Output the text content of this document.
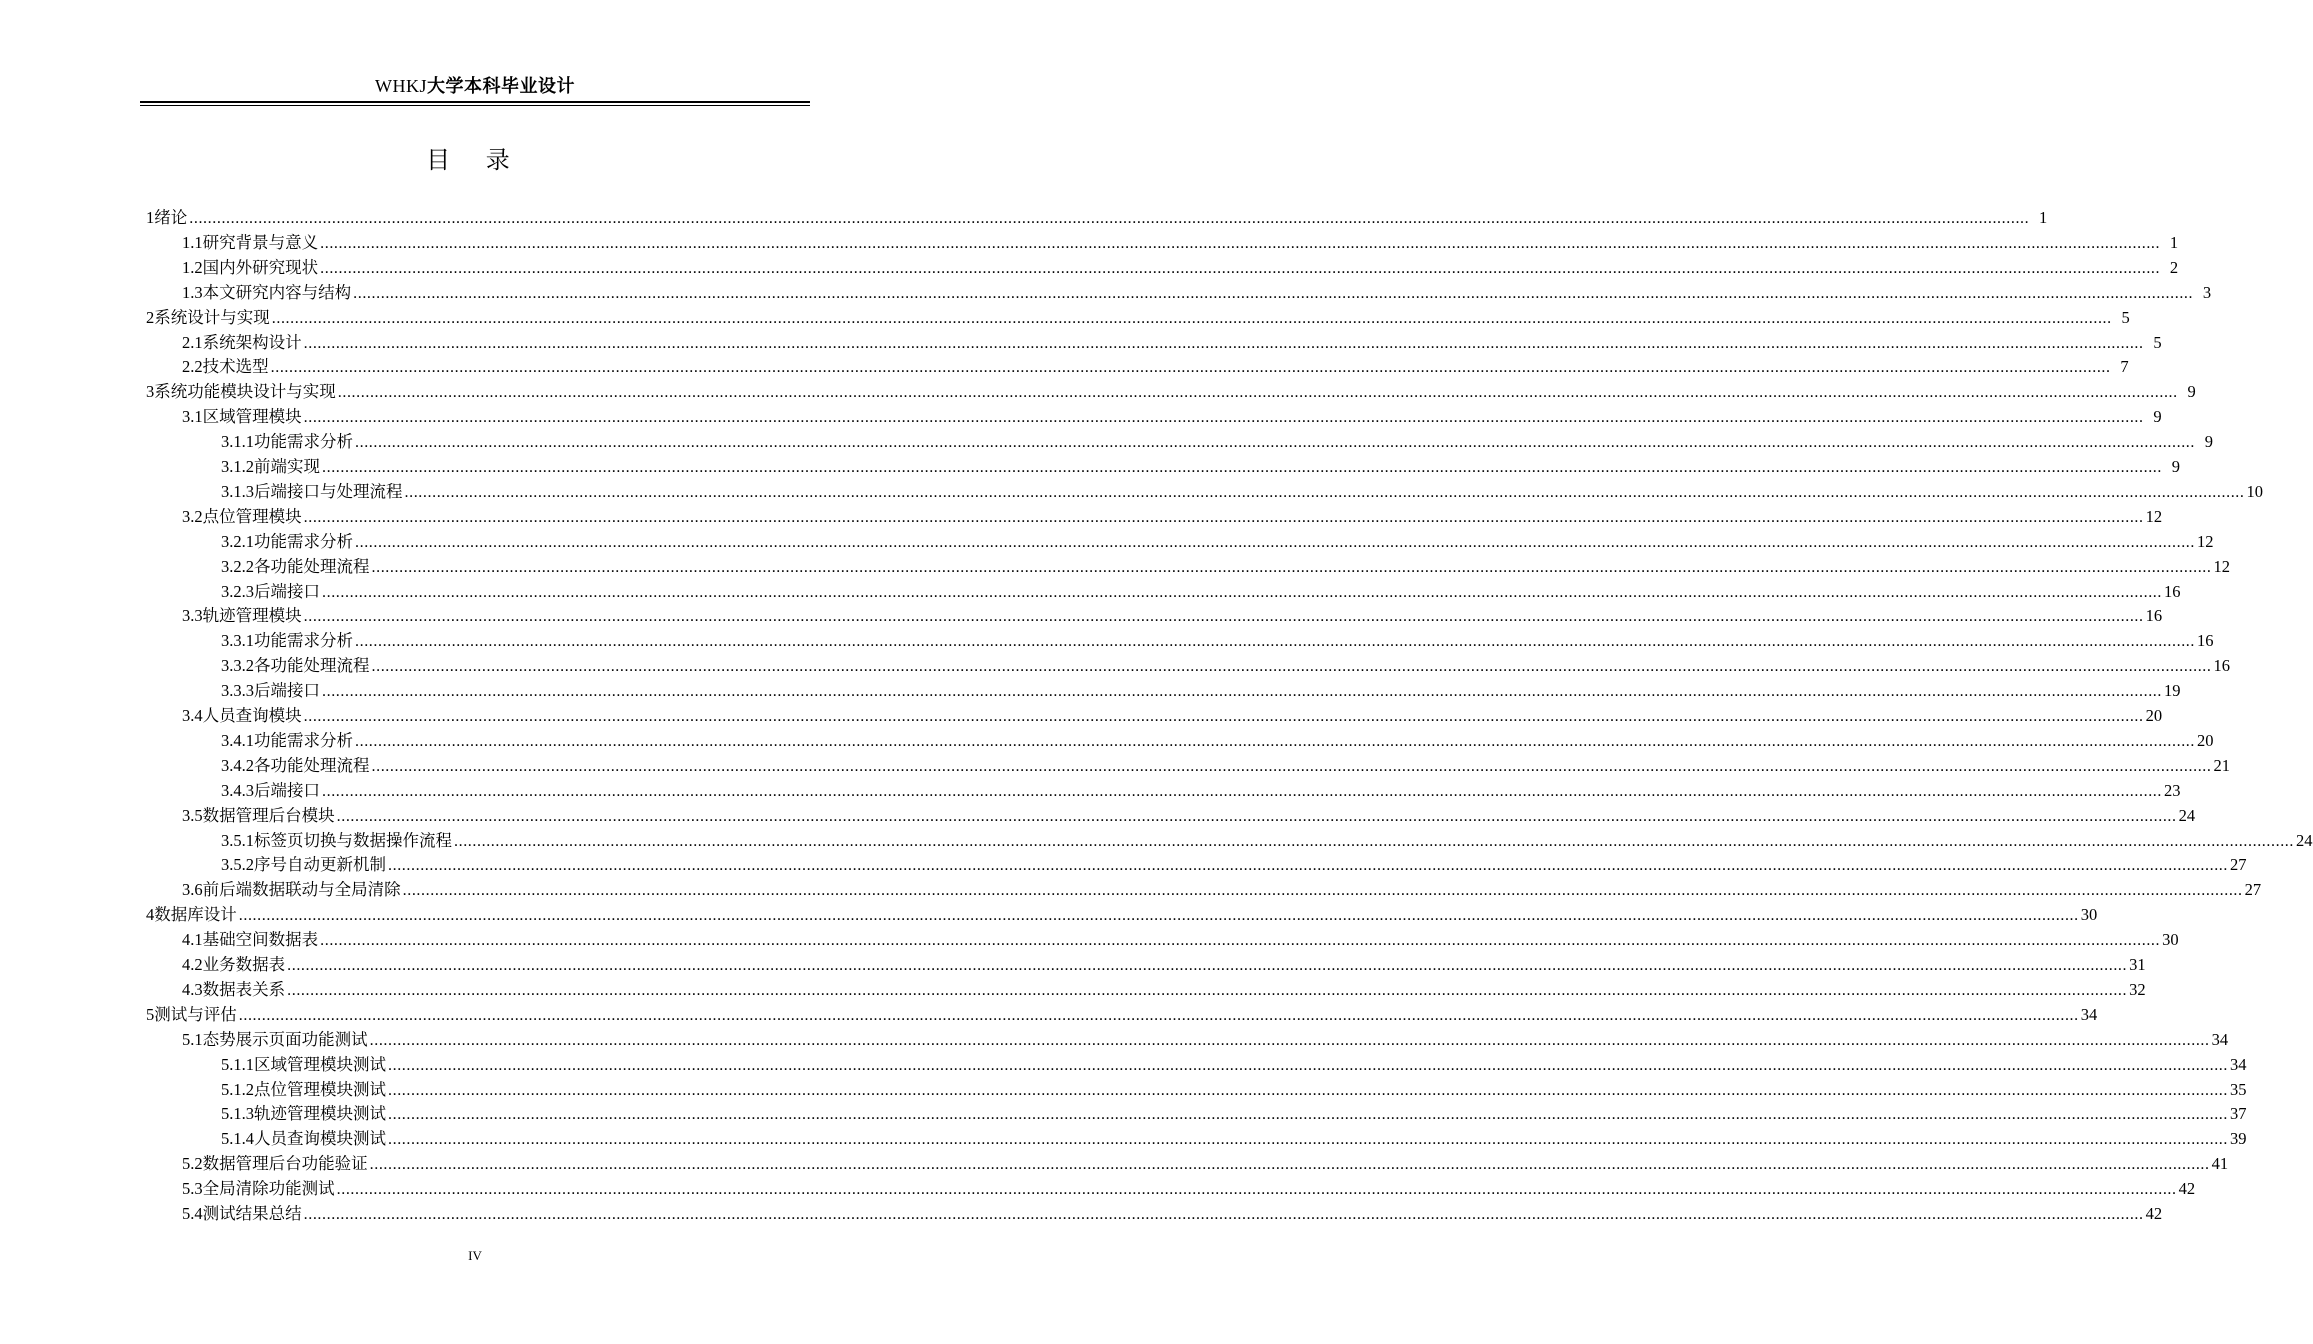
WHKJ大学本科毕业设计
目 录
1 绪论 ................................................................................................................................................................................................................................................................................................................................................................................................................ 1
1.1 研究背景与意义 ................................................................................................................................................................................................................................................................................................................................................................................................................ 1
1.2 国内外研究现状 ................................................................................................................................................................................................................................................................................................................................................................................................................ 2
1.3 本文研究内容与结构 ................................................................................................................................................................................................................................................................................................................................................................................................................ 3
2 系统设计与实现 ................................................................................................................................................................................................................................................................................................................................................................................................................ 5
2.1 系统架构设计 ................................................................................................................................................................................................................................................................................................................................................................................................................ 5
2.2 技术选型 ................................................................................................................................................................................................................................................................................................................................................................................................................ 7
3 系统功能模块设计与实现 ................................................................................................................................................................................................................................................................................................................................................................................................................ 9
3.1 区域管理模块 ................................................................................................................................................................................................................................................................................................................................................................................................................ 9
3.1.1 功能需求分析 ................................................................................................................................................................................................................................................................................................................................................................................................................ 9
3.1.2 前端实现 ................................................................................................................................................................................................................................................................................................................................................................................................................ 9
3.1.3 后端接口与处理流程 ................................................................................................................................................................................................................................................................................................................................................................................................................ 10
3.2 点位管理模块 ................................................................................................................................................................................................................................................................................................................................................................................................................ 12
3.2.1 功能需求分析 ................................................................................................................................................................................................................................................................................................................................................................................................................ 12
3.2.2 各功能处理流程 ................................................................................................................................................................................................................................................................................................................................................................................................................ 12
3.2.3 后端接口 ................................................................................................................................................................................................................................................................................................................................................................................................................ 16
3.3 轨迹管理模块 ................................................................................................................................................................................................................................................................................................................................................................................................................ 16
3.3.1 功能需求分析 ................................................................................................................................................................................................................................................................................................................................................................................................................ 16
3.3.2 各功能处理流程 ................................................................................................................................................................................................................................................................................................................................................................................................................ 16
3.3.3 后端接口 ................................................................................................................................................................................................................................................................................................................................................................................................................ 19
3.4 人员查询模块 ................................................................................................................................................................................................................................................................................................................................................................................................................ 20
3.4.1 功能需求分析 ................................................................................................................................................................................................................................................................................................................................................................................................................ 20
3.4.2 各功能处理流程 ................................................................................................................................................................................................................................................................................................................................................................................................................ 21
3.4.3 后端接口 ................................................................................................................................................................................................................................................................................................................................................................................................................ 23
3.5 数据管理后台模块 ................................................................................................................................................................................................................................................................................................................................................................................................................ 24
3.5.1 标签页切换与数据操作流程 ................................................................................................................................................................................................................................................................................................................................................................................................................ 24
3.5.2 序号自动更新机制 ................................................................................................................................................................................................................................................................................................................................................................................................................ 27
3.6 前后端数据联动与全局清除 ................................................................................................................................................................................................................................................................................................................................................................................................................ 27
4 数据库设计 ................................................................................................................................................................................................................................................................................................................................................................................................................ 30
4.1 基础空间数据表 ................................................................................................................................................................................................................................................................................................................................................................................................................ 30
4.2 业务数据表 ................................................................................................................................................................................................................................................................................................................................................................................................................ 31
4.3 数据表关系 ................................................................................................................................................................................................................................................................................................................................................................................................................ 32
5 测试与评估 ................................................................................................................................................................................................................................................................................................................................................................................................................ 34
5.1 态势展示页面功能测试 ................................................................................................................................................................................................................................................................................................................................................................................................................ 34
5.1.1 区域管理模块测试 ................................................................................................................................................................................................................................................................................................................................................................................................................ 34
5.1.2 点位管理模块测试 ................................................................................................................................................................................................................................................................................................................................................................................................................ 35
5.1.3 轨迹管理模块测试 ................................................................................................................................................................................................................................................................................................................................................................................................................ 37
5.1.4 人员查询模块测试 ................................................................................................................................................................................................................................................................................................................................................................................................................ 39
5.2 数据管理后台功能验证 ................................................................................................................................................................................................................................................................................................................................................................................................................ 41
5.3 全局清除功能测试 ................................................................................................................................................................................................................................................................................................................................................................................................................ 42
5.4 测试结果总结 ................................................................................................................................................................................................................................................................................................................................................................................................................ 42
IV
